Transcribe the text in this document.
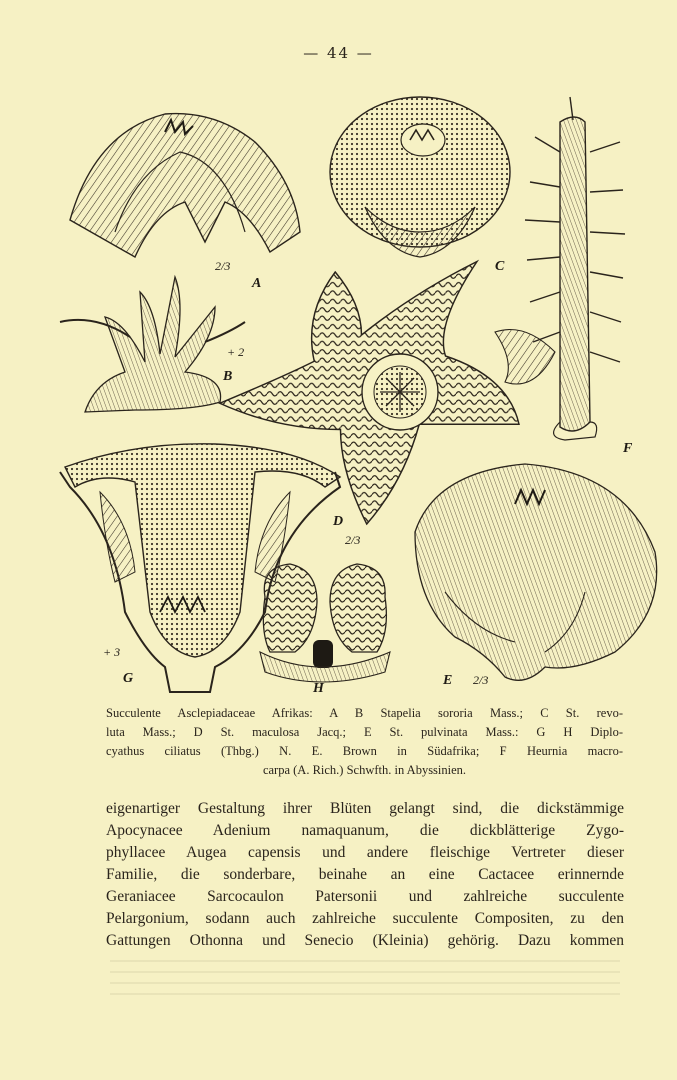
— 44 —
2/3
A
+ 2
B
C
F
D
2/3
+ 3
G
H
E 2/3
Succulente Asclepiadaceae Afrikas: A B Stapelia sororia Mass.; C St. revo-
luta Mass.; D St. maculosa Jacq.; E St. pulvinata Mass.: G H Diplo-
cyathus ciliatus (Thbg.) N. E. Brown in Südafrika; F Heurnia macro-
carpa (A. Rich.) Schwfth. in Abyssinien.
eigenartiger Gestaltung ihrer Blüten gelangt sind, die dickstämmige
Apocynacee Adenium namaquanum, die dickblätterige Zygo-
phyllacee Augea capensis und andere fleischige Vertreter dieser
Familie, die sonderbare, beinahe an eine Cactacee erinnernde
Geraniacee Sarcocaulon Patersonii und zahlreiche succulente
Pelargonium, sodann auch zahlreiche succulente Compositen, zu den
Gattungen Othonna und Senecio (Kleinia) gehörig. Dazu kommen
